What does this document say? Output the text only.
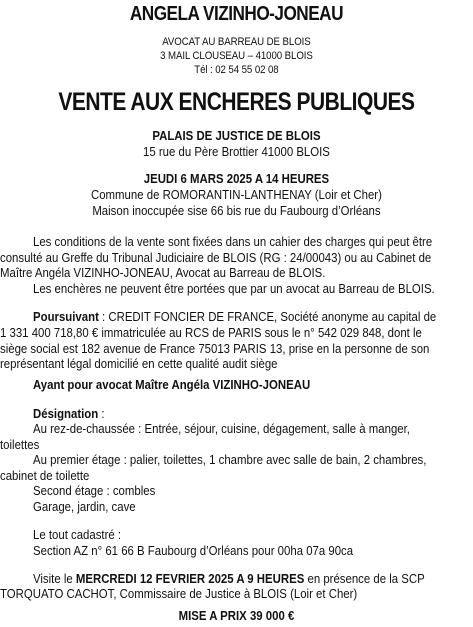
ANGELA VIZINHO-JONEAU
AVOCAT AU BARREAU DE BLOIS
3 MAIL CLOUSEAU – 41000 BLOIS
Tél : 02 54 55 02 08
VENTE AUX ENCHERES PUBLIQUES
PALAIS DE JUSTICE DE BLOIS
15 rue du Père Brottier 41000 BLOIS
JEUDI 6 MARS 2025 A 14 HEURES
Commune de ROMORANTIN-LANTHENAY (Loir et Cher)
Maison inoccupée sise 66 bis rue du Faubourg d’Orléans
Les conditions de la vente sont fixées dans un cahier des charges qui peut être
consulté au Greffe du Tribunal Judiciaire de BLOIS (RG : 24/00043) ou au Cabinet de
Maître Angéla VIZINHO-JONEAU, Avocat au Barreau de BLOIS.
Les enchères ne peuvent être portées que par un avocat au Barreau de BLOIS.
Poursuivant : CREDIT FONCIER DE FRANCE, Société anonyme au capital de
1 331 400 718,80 € immatriculée au RCS de PARIS sous le n° 542 029 848, dont le
siège social est 182 avenue de France 75013 PARIS 13, prise en la personne de son
représentant légal domicilié en cette qualité audit siège
Ayant pour avocat Maître Angéla VIZINHO-JONEAU
Désignation :
Au rez-de-chaussée : Entrée, séjour, cuisine, dégagement, salle à manger,
toilettes
Au premier étage : palier, toilettes, 1 chambre avec salle de bain, 2 chambres,
cabinet de toilette
Second étage : combles
Garage, jardin, cave
Le tout cadastré :
Section AZ n° 61 66 B Faubourg d’Orléans pour 00ha 07a 90ca
Visite le MERCREDI 12 FEVRIER 2025 A 9 HEURES en présence de la SCP
TORQUATO CACHOT, Commissaire de Justice à BLOIS (Loir et Cher)
MISE A PRIX 39 000 €
